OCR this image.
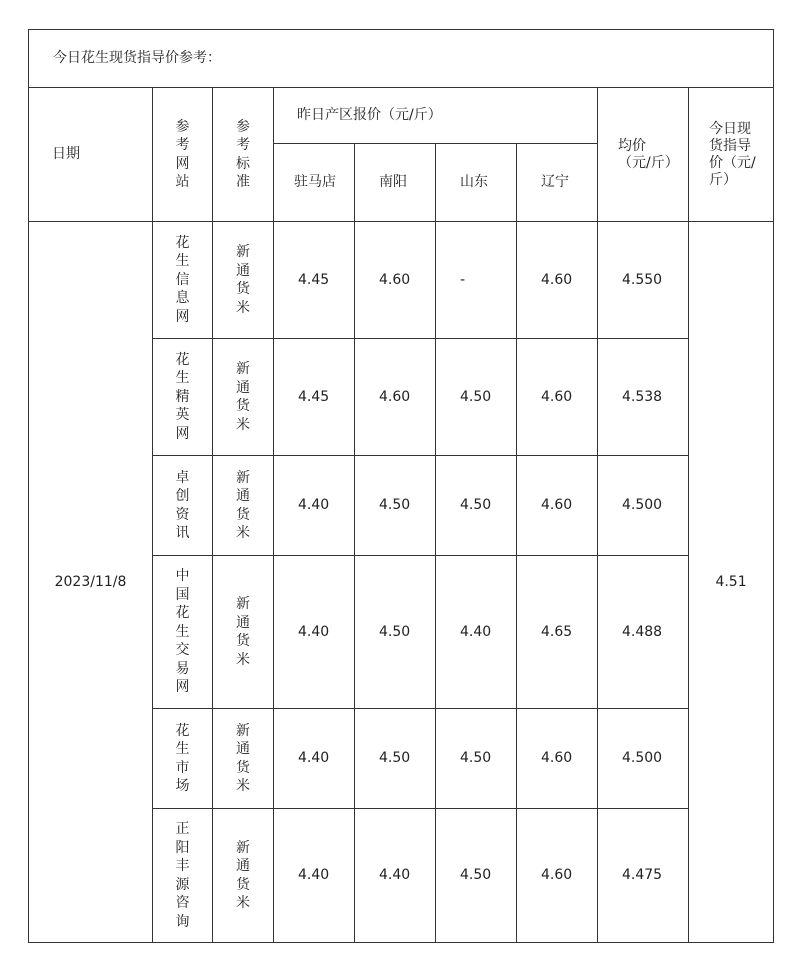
今日花生现货指导价参考：								
日期	参考网站	参考标准	昨日产区报价（元/斤）				均价（元/斤）	今日现货指导价（元/斤）
			驻马店	南阳	山东	辽宁		
2023/11/8	花生信息网	新通货米	4.45	4.60	-	4.60	4.550	4.51
	花生精英网	新通货米	4.45	4.60	4.50	4.60	4.538	
	卓创资讯	新通货米	4.40	4.50	4.50	4.60	4.500	
	中国花生交易网	新通货米	4.40	4.50	4.40	4.65	4.488	
	花生市场	新通货米	4.40	4.50	4.50	4.60	4.500	
	正阳丰源咨询	新通货米	4.40	4.40	4.50	4.60	4.475	
